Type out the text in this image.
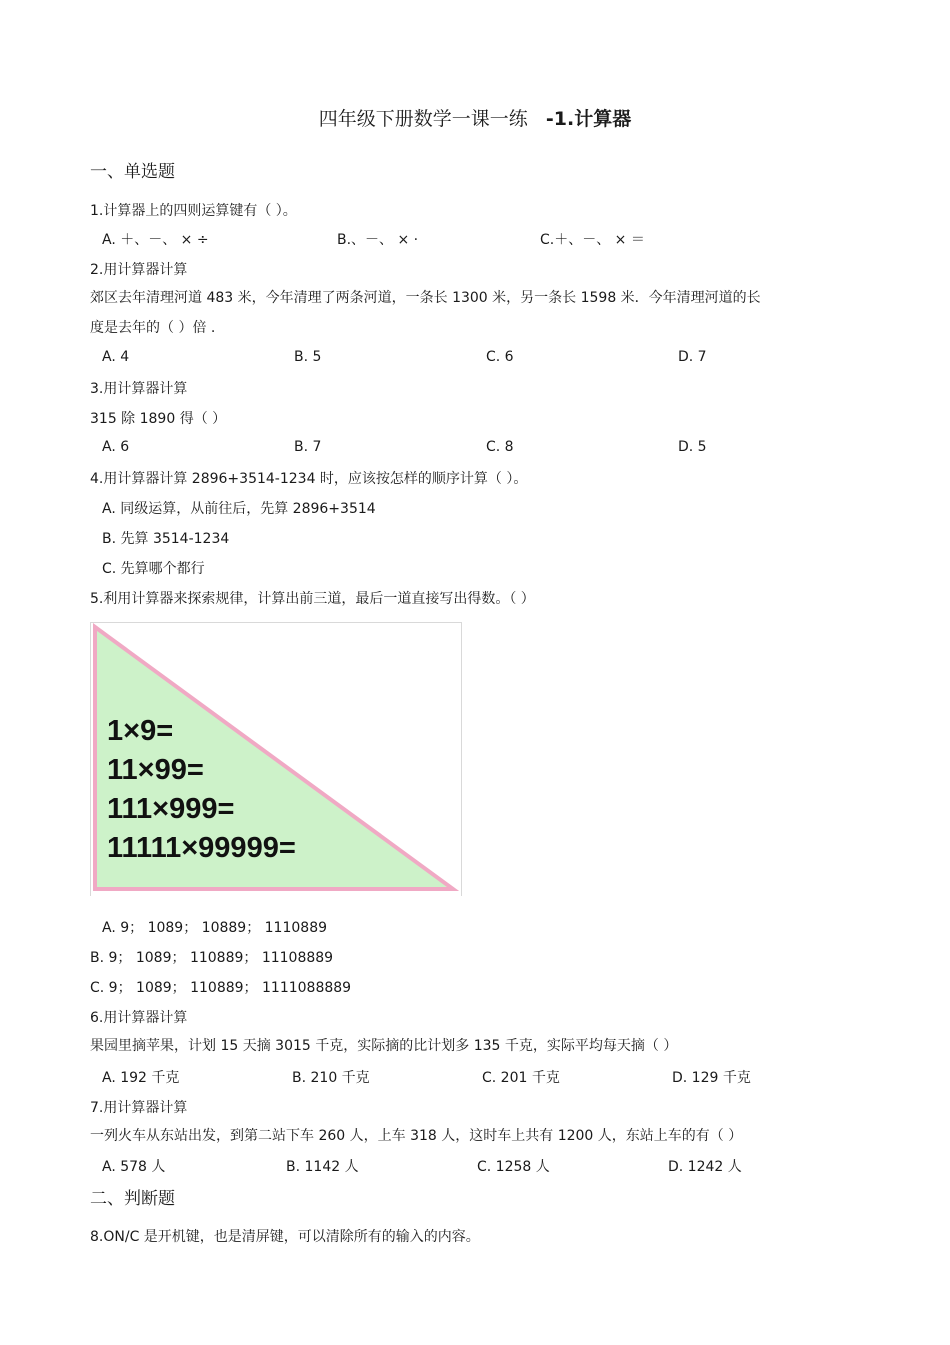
四年级下册数学一课一练 -1.计算器
一、单选题
1.计算器上的四则运算键有（ ）。
A. ＋、－、 × ÷	B.、－、 × ·	C.＋、－、 × ＝
2.用计算器计算
郊区去年清理河道 483 米，今年清理了两条河道，一条长 1300 米，另一条长 1598 米．今年清理河道的长
度是去年的（ ）倍 .
A. 4	B. 5	C. 6	D. 7
3.用计算器计算
315 除 1890 得（ ）
A. 6	B. 7	C. 8	D. 5
4.用计算器计算 2896+3514-1234 时，应该按怎样的顺序计算（ ）。
A. 同级运算，从前往后，先算 2896+3514
B. 先算 3514-1234
C. 先算哪个都行
5.利用计算器来探索规律，计算出前三道，最后一道直接写出得数。（ ）
1×9=
11×99=
111×999=
11111×99999=
A. 9； 1089； 10889； 1110889
B. 9； 1089； 110889； 11108889
C. 9； 1089； 110889； 1111088889
6.用计算器计算
果园里摘苹果，计划 15 天摘 3015 千克，实际摘的比计划多 135 千克，实际平均每天摘（ ）
A. 192 千克	B. 210 千克	C. 201 千克	D. 129 千克
7.用计算器计算
一列火车从东站出发，到第二站下车 260 人，上车 318 人，这时车上共有 1200 人，东站上车的有（ ）
A. 578 人	B. 1142 人	C. 1258 人	D. 1242 人
二、判断题
8.ON/C 是开机键，也是清屏键，可以清除所有的输入的内容。
